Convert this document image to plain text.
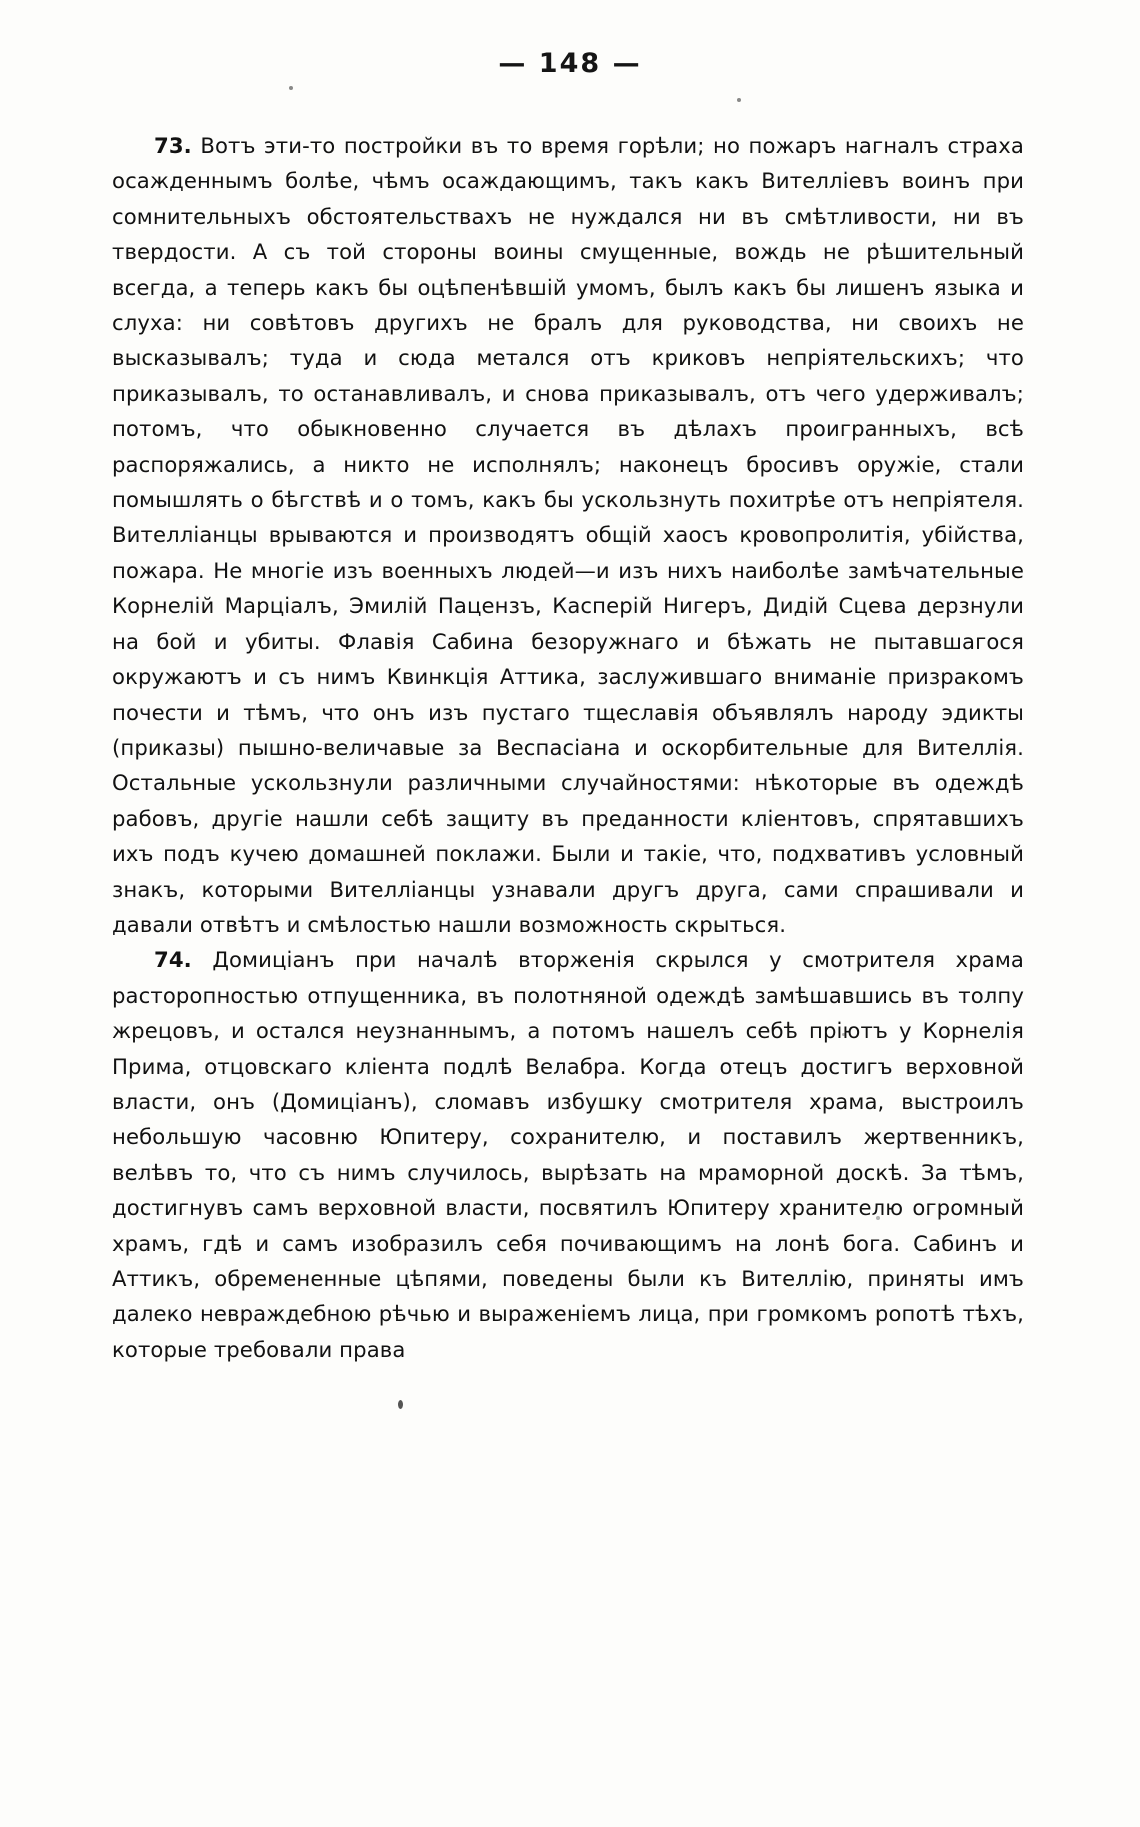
— 148 —

73. Вотъ эти-то постройки въ то время горѣли; но пожаръ нагналъ страха осажденнымъ болѣе, чѣмъ осаждающимъ, такъ какъ Вителліевъ воинъ при сомнительныхъ обстоятельствахъ не нуждался ни въ смѣтливости, ни въ твердости. А съ той стороны воины смущенные, вождь не рѣшительный всегда, а теперь какъ бы оцѣпенѣвшій умомъ, былъ какъ бы лишенъ языка и слуха: ни совѣтовъ другихъ не бралъ для руководства, ни своихъ не высказывалъ; туда и сюда метался отъ криковъ непріятельскихъ; что приказывалъ, то останавливалъ, и снова приказывалъ, отъ чего удерживалъ; потомъ, что обыкновенно случается въ дѣлахъ проигранныхъ, всѣ распоряжались, а никто не исполнялъ; наконецъ бросивъ оружіе, стали помышлять о бѣгствѣ и о томъ, какъ бы ускользнуть похитрѣе отъ непріятеля. Вителліанцы врываются и производятъ общій хаосъ кровопролитія, убійства, пожара. Не многіе изъ военныхъ людей—и изъ нихъ наиболѣе замѣчательные Корнелій Марціалъ, Эмилій Пацензъ, Касперій Нигеръ, Дидій Сцева дерзнули на бой и убиты. Флавія Сабина безоружнаго и бѣжать не пытавшагося окружаютъ и съ нимъ Квинкція Аттика, заслужившаго вниманіе призракомъ почести и тѣмъ, что онъ изъ пустаго тщеславія объявлялъ народу эдикты (приказы) пышно-величавые за Веспасіана и оскорбительные для Вителлія. Остальные ускользнули различными случайностями: нѣкоторые въ одеждѣ рабовъ, другіе нашли себѣ защиту въ преданности кліентовъ, спрятавшихъ ихъ подъ кучею домашней поклажи. Были и такіе, что, подхвативъ условный знакъ, которыми Вителліанцы узнавали другъ друга, сами спрашивали и давали отвѣтъ и смѣлостью нашли возможность скрыться.

74. Домиціанъ при началѣ вторженія скрылся у смотрителя храма расторопностью отпущенника, въ полотняной одеждѣ замѣшавшись въ толпу жрецовъ, и остался неузнаннымъ, а потомъ нашелъ себѣ пріютъ у Корнелія Прима, отцовскаго кліента подлѣ Велабра. Когда отецъ достигъ верховной власти, онъ (Домиціанъ), сломавъ избушку смотрителя храма, выстроилъ небольшую часовню Юпитеру, сохранителю, и поставилъ жертвенникъ, велѣвъ то, что съ нимъ случилось, вырѣзать на мраморной доскѣ. За тѣмъ, достигнувъ самъ верховной власти, посвятилъ Юпитеру хранителю огромный храмъ, гдѣ и самъ изобразилъ себя почивающимъ на лонѣ бога. Сабинъ и Аттикъ, обремененные цѣпями, поведены были къ Вителлію, приняты имъ далеко невраждебною рѣчью и выраженіемъ лица, при громкомъ ропотѣ тѣхъ, которые требовали права
